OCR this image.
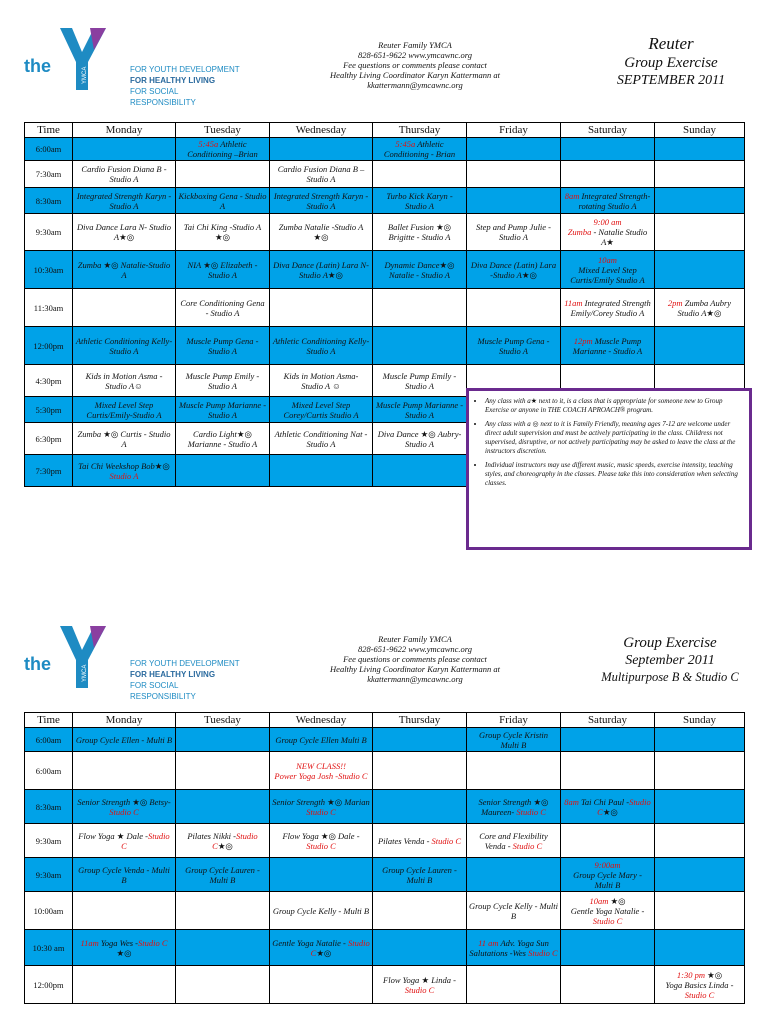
the	YMCA	FOR YOUTH DEVELOPMENT
FOR HEALTHY LIVING
FOR SOCIAL RESPONSIBILITY
Reuter Family YMCA
828-651-9622 www.ymcawnc.org
Fee questions or comments please contact
Healthy Living Coordinator Karyn Kattermann at
kkattermann@ymcawnc.org
Reuter
Group Exercise
SEPTEMBER 2011
Time	Monday	Tuesday	Wednesday	Thursday	Friday	Saturday	Sunday
6:00am		5:45a Athletic Conditioning –Brian		5:45a Athletic Conditioning - Brian			
7:30am	Cardio Fusion Diana B -Studio A		Cardio Fusion Diana B –Studio A				
8:30am	Integrated Strength Karyn - Studio A	Kickboxing Gena - Studio A	Integrated Strength Karyn - Studio A	Turbo Kick Karyn - Studio A		8am Integrated Strength-rotating Studio A	
9:30am	Diva Dance Lara N- Studio A★◎	Tai Chi King -Studio A ★◎	Zumba Natalie -Studio A ★◎	Ballet Fusion ★◎ Brigitte - Studio A	Step and Pump Julie - Studio A	9:00 am
Zumba - Natalie Studio A★	
10:30am	Zumba ★◎ Natalie-Studio A	NIA ★◎ Elizabeth -Studio A	Diva Dance (Latin) Lara N-Studio A★◎	Dynamic Dance★◎ Natalie - Studio A	Diva Dance (Latin) Lara -Studio A★◎	10am
Mixed Level Step Curtis/Emily Studio A	
11:30am		Core Conditioning Gena - Studio A				11am Integrated Strength Emily/Corey Studio A	2pm Zumba Aubry Studio A★◎
12:00pm	Athletic Conditioning Kelly-Studio A	Muscle Pump Gena - Studio A	Athletic Conditioning Kelly-Studio A		Muscle Pump Gena - Studio A	12pm Muscle Pump Marianne - Studio A	
4:30pm	Kids in Motion Asma - Studio A☺	Muscle Pump Emily - Studio A	Kids in Motion Asma- Studio A ☺	Muscle Pump Emily - Studio A			
5:30pm	Mixed Level Step Curtis/Emily-Studio A	Muscle Pump Marianne - Studio A	Mixed Level Step Corey/Curtis Studio A	Muscle Pump Marianne - Studio A			
6:30pm	Zumba ★◎ Curtis - Studio A	Cardio Light★◎ Marianne - Studio A	Athletic Conditioning Nat - Studio A	Diva Dance ★◎ Aubry- Studio A			
7:30pm	Tai Chi Weekshop Bob★◎ Studio A						
• Any class with a★ next to it, is a class that is appropriate for someone new to Group Exercise or anyone in THE COACH APROACH® program.
• Any class with a ◎ next to it is Family Friendly, meaning ages 7-12 are welcome under direct adult supervision and must be actively participating in the class. Childress not supervised, disruptive, or not actively participating may be asked to leave the class at the instructors discretion.
• Individual instructors may use different music, music speeds, exercise intensity, teaching styles, and choreography in the classes. Please take this into consideration when selecting classes.
the	YMCA
FOR YOUTH DEVELOPMENT
FOR HEALTHY LIVING
FOR SOCIAL RESPONSIBILITY
Reuter Family YMCA
828-651-9622 www.ymcawnc.org
Fee questions or comments please contact
Healthy Living Coordinator Karyn Kattermann at
kkattermann@ymcawnc.org
Group Exercise
September 2011
Multipurpose B & Studio C
Time	Monday	Tuesday	Wednesday	Thursday	Friday	Saturday	Sunday
6:00am	Group Cycle Ellen - Multi B		Group Cycle Ellen Multi B		Group Cycle Kristin Multi B		
6:00am			NEW CLASS!!
Power Yoga Josh -Studio C				
8:30am	Senior Strength ★◎ Betsy-Studio C		Senior Strength ★◎ Marian Studio C		Senior Strength ★◎ Maureen- Studio C	8am Tai Chi Paul -Studio C★◎	
9:30am	Flow Yoga ★ Dale -Studio C	Pilates Nikki -Studio C★◎	Flow Yoga ★◎ Dale -Studio C	Pilates Venda - Studio C	Core and Flexibility Venda - Studio C		
9:30am	Group Cycle Venda - Multi B	Group Cycle Lauren - Multi B		Group Cycle Lauren -Multi B		9:00am
Group Cycle Mary - Multi B	
10:00am			Group Cycle Kelly - Multi B		Group Cycle Kelly - Multi B	10am ★◎
Gentle Yoga Natalie -Studio C	
10:30 am	11am Yoga Wes -Studio C ★◎		Gentle Yoga Natalie - Studio C★◎		11 am Adv. Yoga Sun Salutations -Wes Studio C		
12:00pm				Flow Yoga ★ Linda -Studio C			1:30 pm ★◎
Yoga Basics Linda -Studio C
